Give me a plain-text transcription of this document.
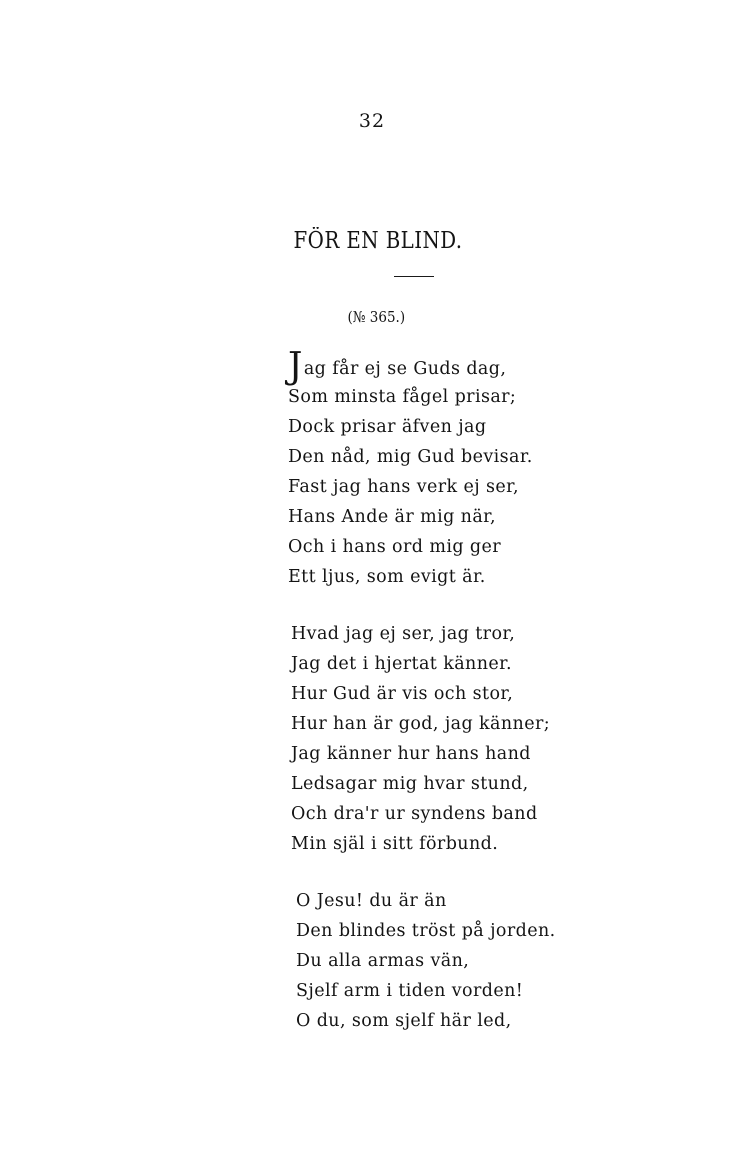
32
FÖR EN BLIND.
(№ 365.)
Jag får ej se Guds dag,
Som minsta fågel prisar;
Dock prisar äfven jag
Den nåd, mig Gud bevisar.
Fast jag hans verk ej ser,
Hans Ande är mig när,
Och i hans ord mig ger
Ett ljus, som evigt är.
Hvad jag ej ser, jag tror,
Jag det i hjertat känner.
Hur Gud är vis och stor,
Hur han är god, jag känner;
Jag känner hur hans hand
Ledsagar mig hvar stund,
Och dra'r ur syndens band
Min själ i sitt förbund.
O Jesu! du är än
Den blindes tröst på jorden.
Du alla armas vän,
Sjelf arm i tiden vorden!
O du, som sjelf här led,
